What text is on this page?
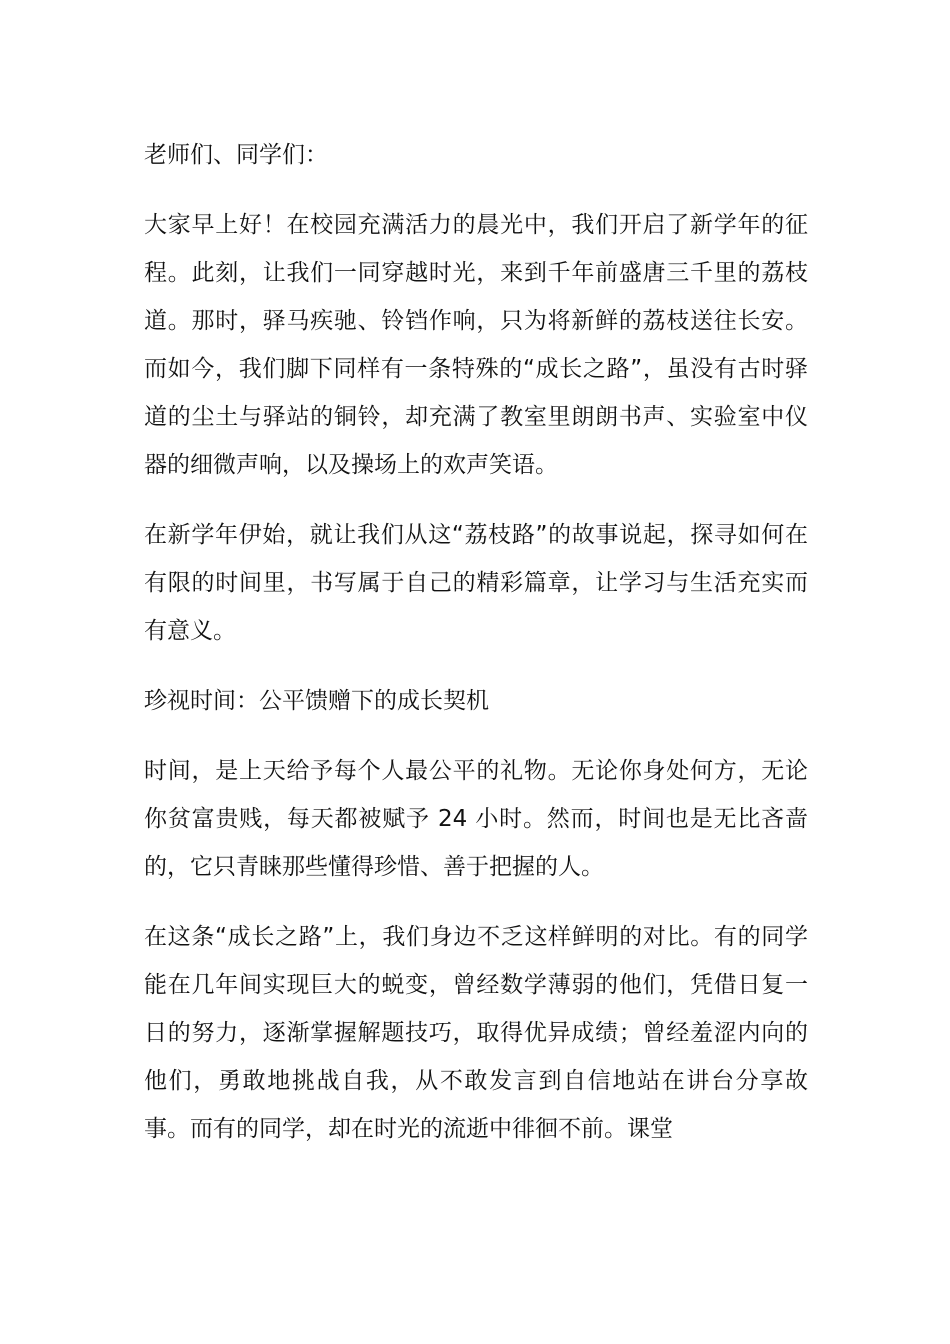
老师们、同学们：

大家早上好！在校园充满活力的晨光中，我们开启了新学年的征程。此刻，让我们一同穿越时光，来到千年前盛唐三千里的荔枝道。那时，驿马疾驰、铃铛作响，只为将新鲜的荔枝送往长安。而如今，我们脚下同样有一条特殊的“成长之路”，虽没有古时驿道的尘土与驿站的铜铃，却充满了教室里朗朗书声、实验室中仪器的细微声响，以及操场上的欢声笑语。

在新学年伊始，就让我们从这“荔枝路”的故事说起，探寻如何在有限的时间里，书写属于自己的精彩篇章，让学习与生活充实而有意义。

珍视时间：公平馈赠下的成长契机

时间，是上天给予每个人最公平的礼物。无论你身处何方，无论你贫富贵贱，每天都被赋予 24 小时。然而，时间也是无比吝啬的，它只青睐那些懂得珍惜、善于把握的人。

在这条“成长之路”上，我们身边不乏这样鲜明的对比。有的同学能在几年间实现巨大的蜕变，曾经数学薄弱的他们，凭借日复一日的努力，逐渐掌握解题技巧，取得优异成绩；曾经羞涩内向的他们，勇敢地挑战自我，从不敢发言到自信地站在讲台分享故事。而有的同学，却在时光的流逝中徘徊不前。课堂
